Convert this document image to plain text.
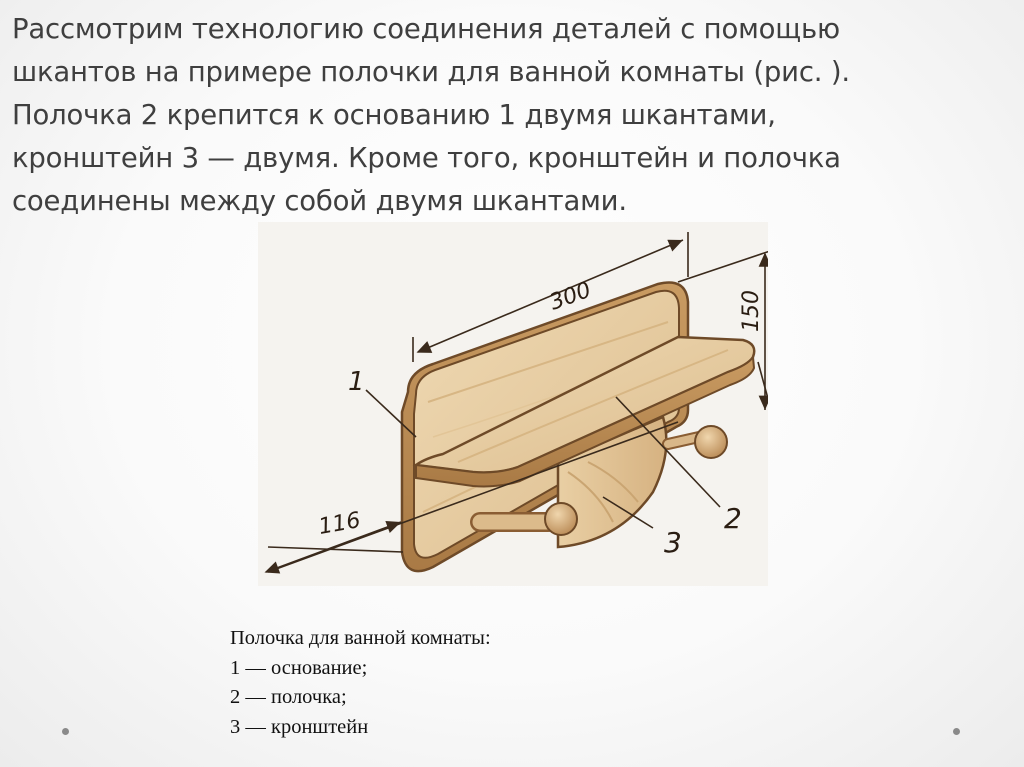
Рассмотрим технологию соединения деталей с помощью
шкантов на примере полочки для ванной комнаты (рис. ).
Полочка 2 крепится к основанию 1 двумя шкантами,
кронштейн 3 — двумя. Кроме того, кронштейн и полочка
соединены между собой двумя шкантами.

300	150
116
1
2
3

Полочка для ванной комнаты:
1 — основание;
2 — полочка;
3 — кронштейн
